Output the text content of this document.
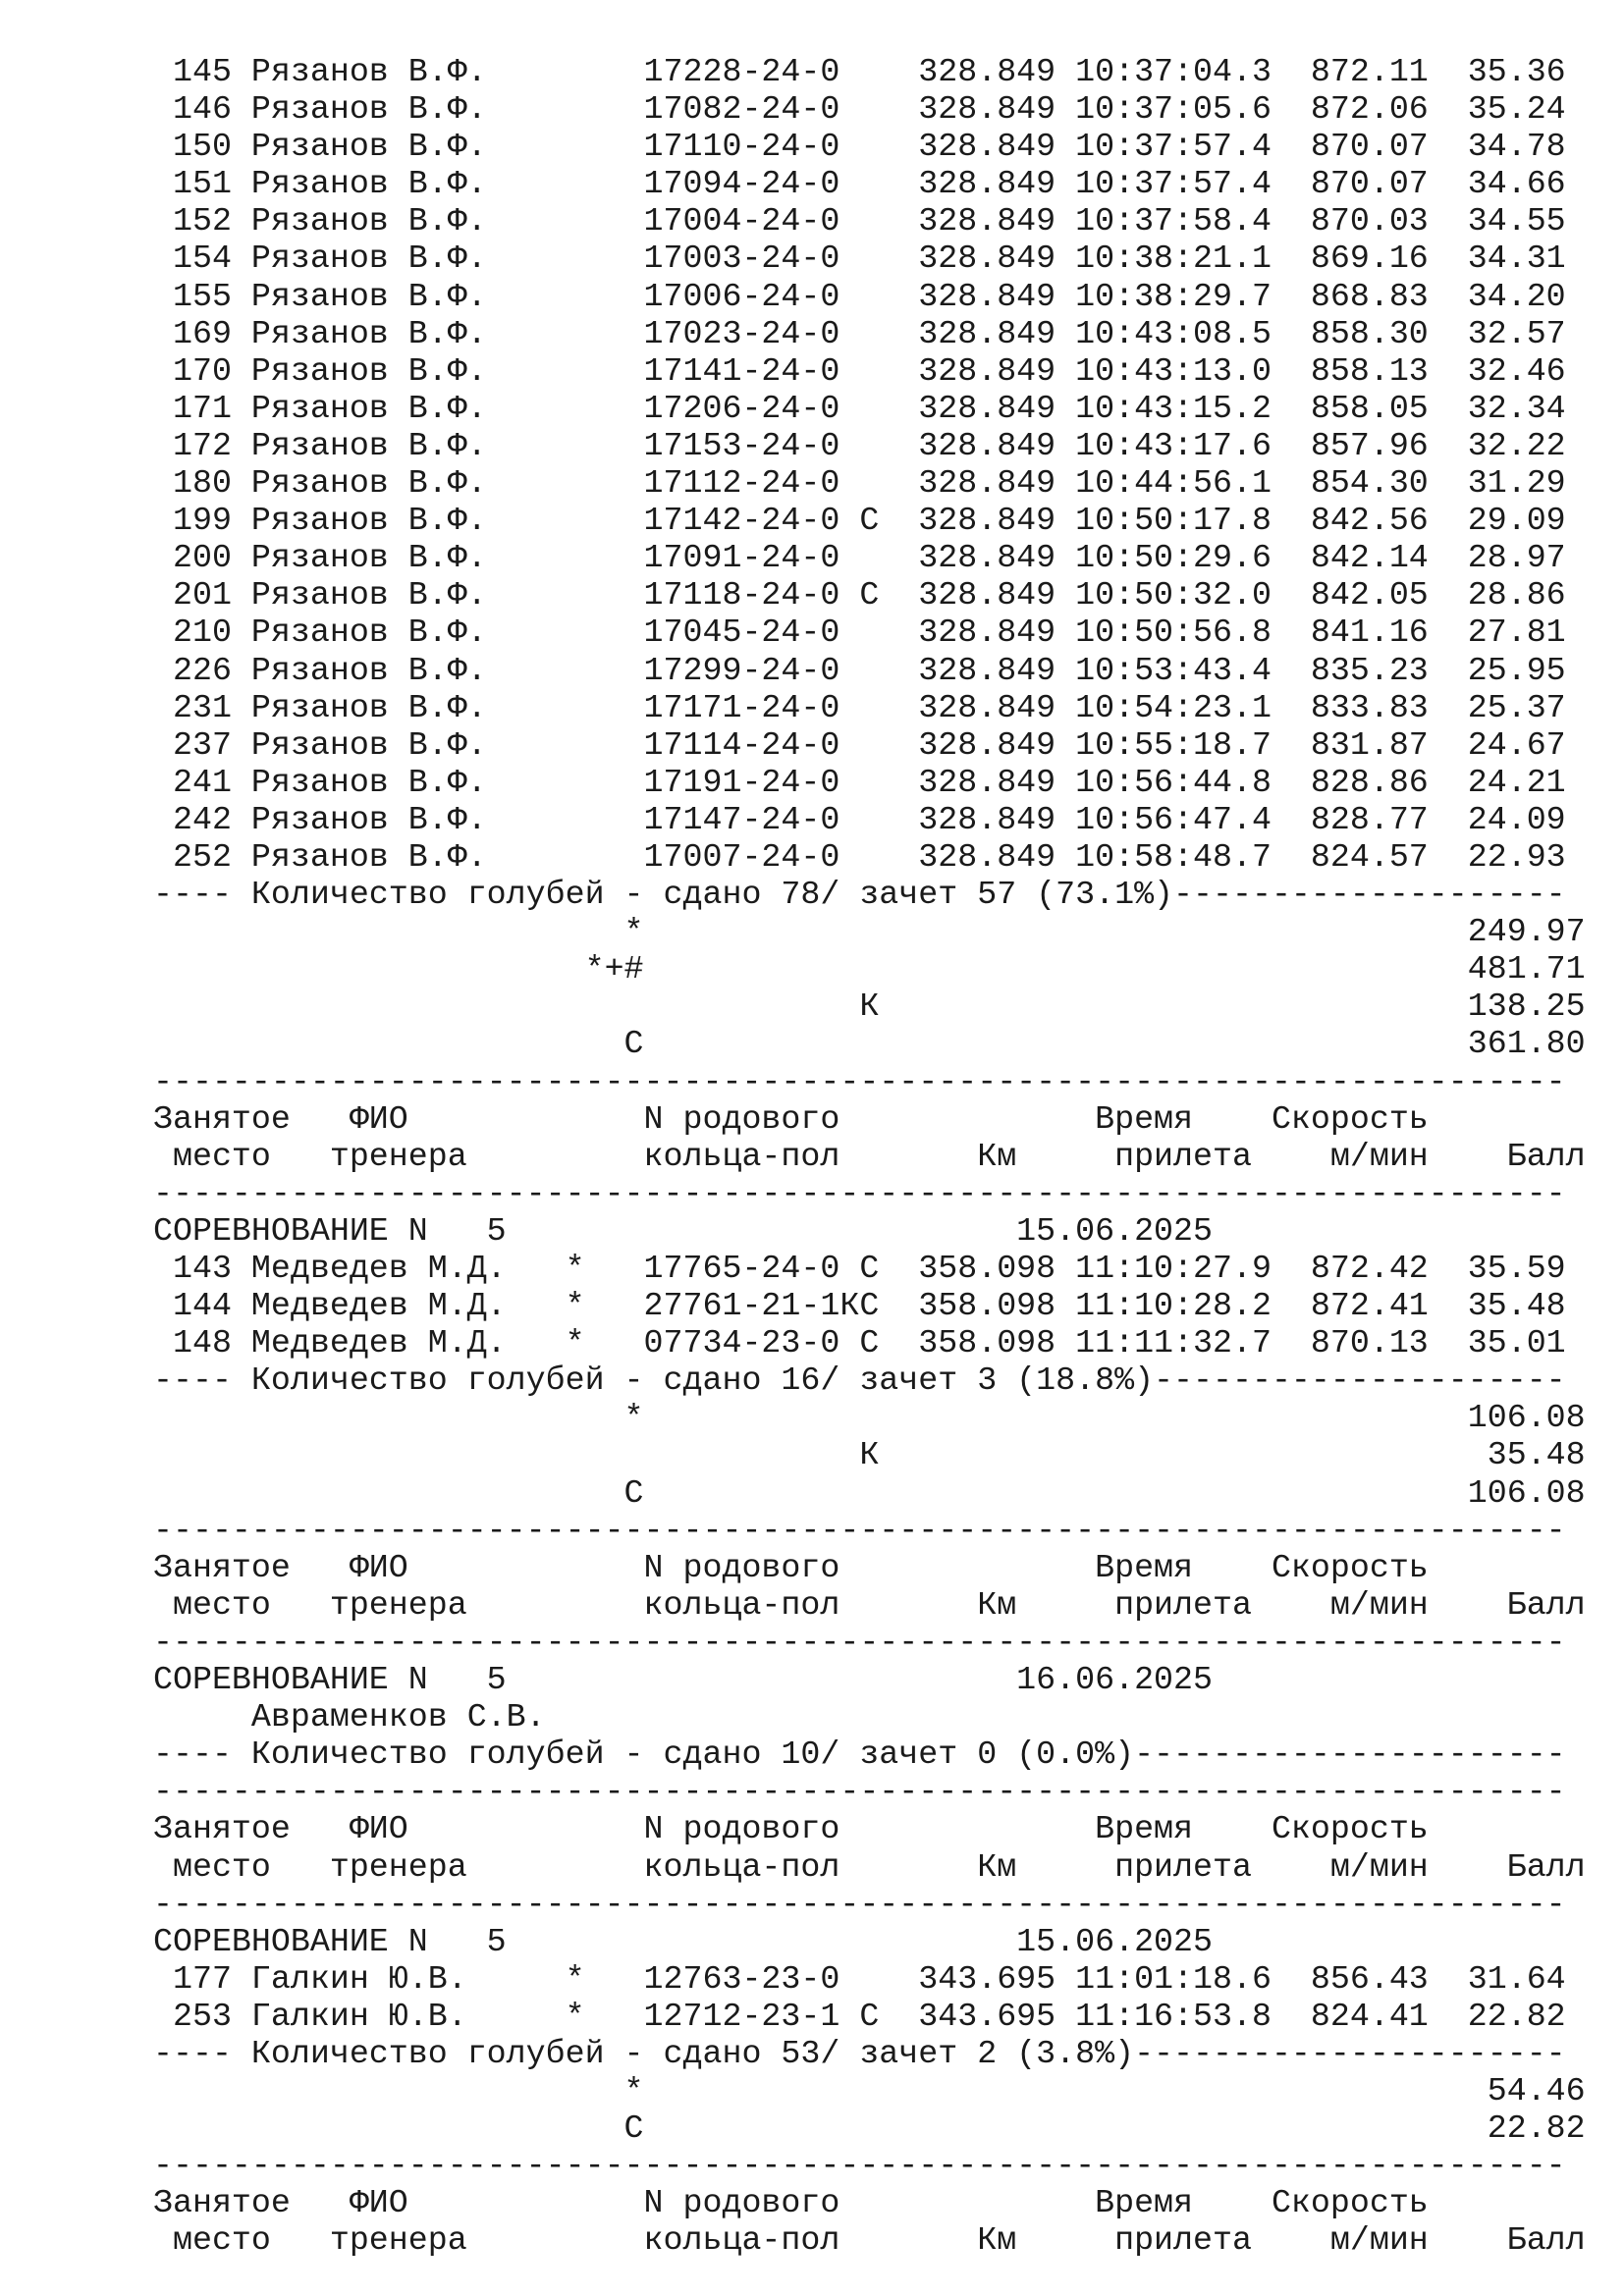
145 Рязанов В.Ф.        17228-24-0    328.849 10:37:04.3  872.11  35.36
146 Рязанов В.Ф.        17082-24-0    328.849 10:37:05.6  872.06  35.24
150 Рязанов В.Ф.        17110-24-0    328.849 10:37:57.4  870.07  34.78
151 Рязанов В.Ф.        17094-24-0    328.849 10:37:57.4  870.07  34.66
152 Рязанов В.Ф.        17004-24-0    328.849 10:37:58.4  870.03  34.55
154 Рязанов В.Ф.        17003-24-0    328.849 10:38:21.1  869.16  34.31
155 Рязанов В.Ф.        17006-24-0    328.849 10:38:29.7  868.83  34.20
169 Рязанов В.Ф.        17023-24-0    328.849 10:43:08.5  858.30  32.57
170 Рязанов В.Ф.        17141-24-0    328.849 10:43:13.0  858.13  32.46
171 Рязанов В.Ф.        17206-24-0    328.849 10:43:15.2  858.05  32.34
172 Рязанов В.Ф.        17153-24-0    328.849 10:43:17.6  857.96  32.22
180 Рязанов В.Ф.        17112-24-0    328.849 10:44:56.1  854.30  31.29
199 Рязанов В.Ф.        17142-24-0 С  328.849 10:50:17.8  842.56  29.09
200 Рязанов В.Ф.        17091-24-0    328.849 10:50:29.6  842.14  28.97
201 Рязанов В.Ф.        17118-24-0 С  328.849 10:50:32.0  842.05  28.86
210 Рязанов В.Ф.        17045-24-0    328.849 10:50:56.8  841.16  27.81
226 Рязанов В.Ф.        17299-24-0    328.849 10:53:43.4  835.23  25.95
231 Рязанов В.Ф.        17171-24-0    328.849 10:54:23.1  833.83  25.37
237 Рязанов В.Ф.        17114-24-0    328.849 10:55:18.7  831.87  24.67
241 Рязанов В.Ф.        17191-24-0    328.849 10:56:44.8  828.86  24.21
242 Рязанов В.Ф.        17147-24-0    328.849 10:56:47.4  828.77  24.09
252 Рязанов В.Ф.        17007-24-0    328.849 10:58:48.7  824.57  22.93
---- Количество голубей - сдано 78/ зачет 57 (73.1%)--------------------
*                                          249.97
*+#                                          481.71
К                              138.25
С                                          361.80
------------------------------------------------------------------------
Занятое   ФИО            N родового             Время    Скорость
место   тренера         кольца-пол       Км     прилета    м/мин    Балл
------------------------------------------------------------------------
СОРЕВНОВАНИЕ N   5                          15.06.2025
143 Медведев М.Д.   *   17765-24-0 С  358.098 11:10:27.9  872.42  35.59
144 Медведев М.Д.   *   27761-21-1КС  358.098 11:10:28.2  872.41  35.48
148 Медведев М.Д.   *   07734-23-0 С  358.098 11:11:32.7  870.13  35.01
---- Количество голубей - сдано 16/ зачет 3 (18.8%)---------------------
*                                          106.08
К                               35.48
С                                          106.08
------------------------------------------------------------------------
Занятое   ФИО            N родового             Время    Скорость
место   тренера         кольца-пол       Км     прилета    м/мин    Балл
------------------------------------------------------------------------
СОРЕВНОВАНИЕ N   5                          16.06.2025
Авраменков С.В.
---- Количество голубей - сдано 10/ зачет 0 (0.0%)----------------------
------------------------------------------------------------------------
Занятое   ФИО            N родового             Время    Скорость
место   тренера         кольца-пол       Км     прилета    м/мин    Балл
------------------------------------------------------------------------
СОРЕВНОВАНИЕ N   5                          15.06.2025
177 Галкин Ю.В.     *   12763-23-0    343.695 11:01:18.6  856.43  31.64
253 Галкин Ю.В.     *   12712-23-1 С  343.695 11:16:53.8  824.41  22.82
---- Количество голубей - сдано 53/ зачет 2 (3.8%)----------------------
*                                           54.46
С                                           22.82
------------------------------------------------------------------------
Занятое   ФИО            N родового             Время    Скорость
место   тренера         кольца-пол       Км     прилета    м/мин    Балл
